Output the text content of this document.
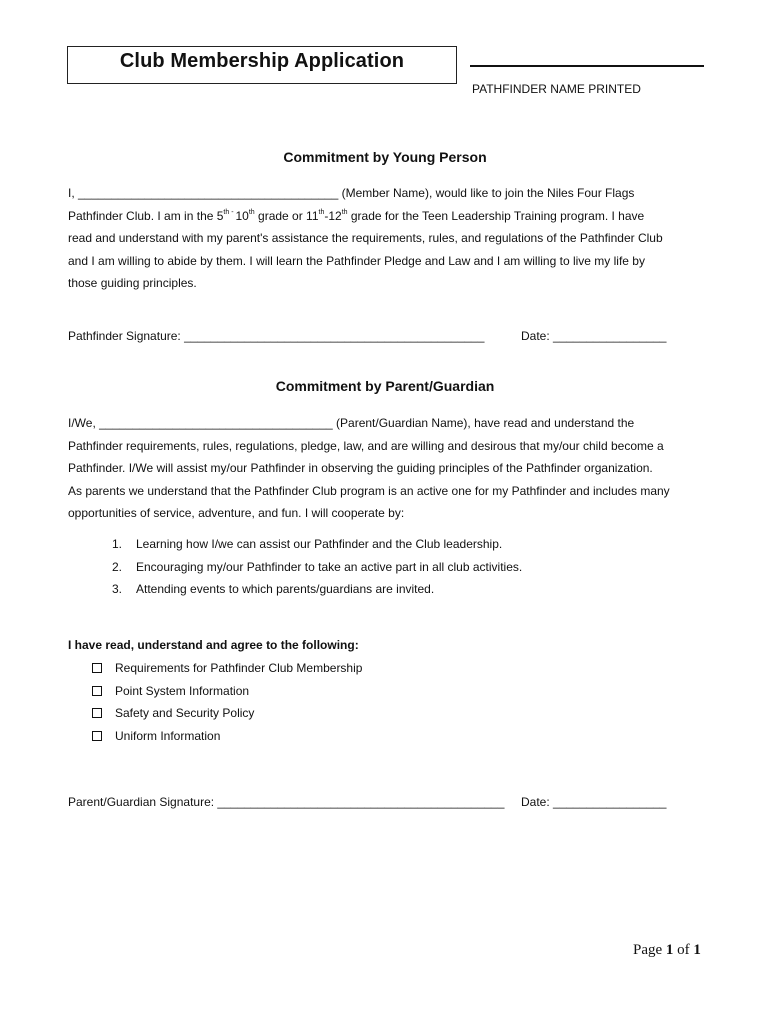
Club Membership Application
PATHFINDER NAME PRINTED
Commitment by Young Person
I, _______________________________________ (Member Name), would like to join the Niles Four Flags
Pathfinder Club. I am in the $5^{th -}$ 10th grade or 11th-12th grade for the Teen Leadership Training program. I have
read and understand with my parent's assistance the requirements, rules, and regulations of the Pathfinder Club
and I am willing to abide by them. I will learn the Pathfinder Pledge and Law and I am willing to live my life by
those guiding principles.
Pathfinder Signature: _____________________________________________	Date: _________________
Commitment by Parent/Guardian
I/We, ___________________________________ (Parent/Guardian Name), have read and understand the
Pathfinder requirements, rules, regulations, pledge, law, and are willing and desirous that my/our child become a
Pathfinder. I/We will assist my/our Pathfinder in observing the guiding principles of the Pathfinder organization.
As parents we understand that the Pathfinder Club program is an active one for my Pathfinder and includes many
opportunities of service, adventure, and fun. I will cooperate by:
1. Learning how I/we can assist our Pathfinder and the Club leadership.
2. Encouraging my/our Pathfinder to take an active part in all club activities.
3. Attending events to which parents/guardians are invited.
I have read, understand and agree to the following:
Requirements for Pathfinder Club Membership
Point System Information
Safety and Security Policy
Uniform Information
Parent/Guardian Signature: ___________________________________________ Date: _________________
Page 1 of 1
